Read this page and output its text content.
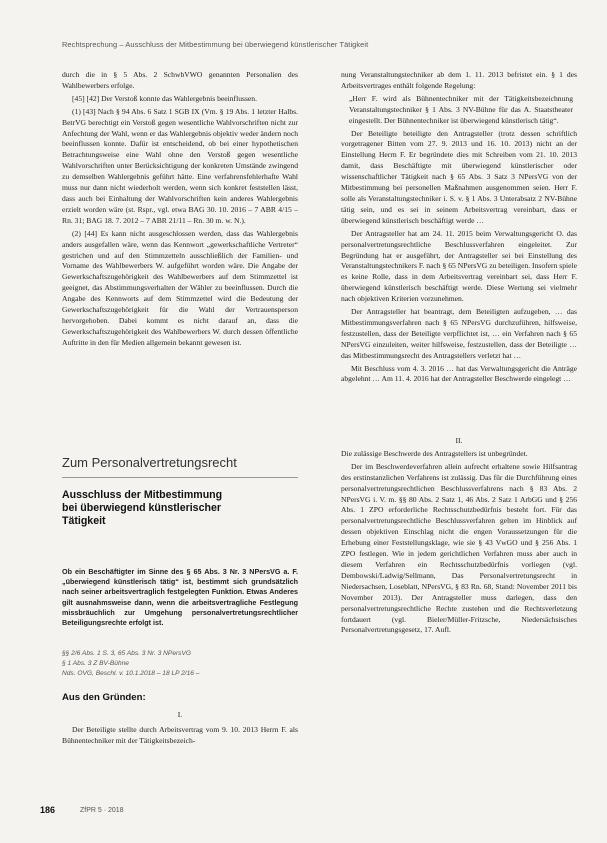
Rechtsprechung – Ausschluss der Mitbestimmung bei überwiegend künstlerischer Tätigkeit

durch die in § 5 Abs. 2 SchwbVWO genannten Personalien des Wahlbewerbers erfolge.

[45] [42] Der Verstoß konnte das Wahlergebnis beeinflussen.

(1) [43] Nach § 94 Abs. 6 Satz 1 SGB IX (Vm. § 19 Abs. 1 letzter Halbs. BetrVG berechtigt ein Verstoß gegen wesentliche Wahlvorschriften nicht zur Anfechtung der Wahl, wenn er das Wahlergebnis objektiv weder ändern noch beeinflussen konnte. Dafür ist entscheidend, ob bei einer hypothetischen Betrachtungsweise eine Wahl ohne den Verstoß gegen wesentliche Wahlvorschriften unter Berücksichtigung der konkreten Umstände zwingend zu demselben Wahlergebnis geführt hätte. Eine verfahrensfehlerhafte Wahl muss nur dann nicht wiederholt werden, wenn sich konkret feststellen lässt, dass auch bei Einhaltung der Wahlvorschriften kein anderes Wahlergebnis erzielt worden wäre (st. Rspr., vgl. etwa BAG 30. 10. 2016 – 7 ABR 4/15 – Rn. 31; BAG 18. 7. 2012 – 7 ABR 21/11 – Rn. 30 m. w. N.).

(2) [44] Es kann nicht ausgeschlossen werden, dass das Wahlergebnis anders ausgefallen wäre, wenn das Kennwort „gewerkschaftliche Vertreter“ gestrichen und auf den Stimmzetteln ausschließlich der Familien- und Vorname des Wahlbewerbers W. aufgeführt worden wäre. Die Angabe der Gewerkschaftszugehörigkeit des Wahlbewerbers auf dem Stimmzettel ist geeignet, das Abstimmungsverhalten der Wähler zu beeinflussen. Durch die Angabe des Kennworts auf dem Stimmzettel wird die Bedeutung der Gewerkschaftszugehörigkeit für die Wahl der Vertrauensperson hervorgehoben. Dabei kommt es nicht darauf an, dass die Gewerkschaftszugehörigkeit des Wahlbewerbers W. durch dessen öffentliche Auftritte in den für Medien allgemein bekannt gewesen ist.

Zum Personalvertretungsrecht
Ausschluss der Mitbestimmung
bei überwiegend künstlerischer
Tätigkeit
Ob ein Beschäftigter im Sinne des § 65 Abs. 3 Nr. 3 NPersVG a. F. „überwiegend künstlerisch tätig“ ist, bestimmt sich grundsätzlich nach seiner arbeitsvertraglich festgelegten Funktion. Etwas Anderes gilt ausnahmsweise dann, wenn die arbeitsvertragliche Festlegung missbräuchlich zur Umgehung personalvertretungsrechtlicher Beteiligungsrechte erfolgt ist.
§§ 2/6 Abs. 1 S. 3, 65 Abs. 3 Nr. 3 NPersVG
§ 1 Abs. 3 Z BV-Bühne
Nds. OVG, Beschl. v. 10.1.2018 – 18 LP 2/16 –
Aus den Gründen:
I.

Der Beteiligte stellte durch Arbeitsvertrag vom 9. 10. 2013 Herrn F. als Bühnentechniker mit der Tätigkeitsbezeich-

nung Veranstaltungstechniker ab dem 1. 11. 2013 befristet ein. § 1 des Arbeitsvertrages enthält folgende Regelung:

„Herr F. wird als Bühnentechniker mit der Tätigkeitsbezeichnung Veranstaltungstechniker § 1 Abs. 3 NV-Bühne für das A. Staatstheater eingestellt. Der Bühnentechniker ist überwiegend künstlerisch tätig“.

Der Beteiligte beteiligte den Antragsteller (trotz dessen schriftlich vorgetragener Bitten vom 27. 9. 2013 und 16. 10. 2013) nicht an der Einstellung Herrn F. Er begründete dies mit Schreiben vom 21. 10. 2013 damit, dass Beschäftigte mit überwiegend künstlerischer oder wissenschaftlicher Tätigkeit nach § 65 Abs. 3 Satz 3 NPersVG von der Mitbestimmung bei personellen Maßnahmen ausgenommen seien. Herr F. solle als Veranstaltungstechniker i. S. v. § 1 Abs. 3 Unterabsatz 2 NV-Bühne tätig sein, und es sei in seinem Arbeitsvertrag vereinbart, dass er überwiegend künstlerisch beschäftigt werde …

Der Antragsteller hat am 24. 11. 2015 beim Verwaltungsgericht O. das personalvertretungsrechtliche Beschlussverfahren eingeleitet. Zur Begründung hat er ausgeführt, der Antragsteller sei bei Einstellung des Veranstaltungstechnikers F. nach § 65 NPersVG zu beteiligen. Insofern spiele es keine Rolle, dass in dem Arbeitsvertrag vereinbart sei, dass Herr F. überwiegend künstlerisch beschäftigt werde. Diese Wertung sei vielmehr nach objektiven Kriterien vorzunehmen.

Der Antragsteller hat beantragt, dem Beteiligten aufzugeben, … das Mitbestimmungsverfahren nach § 65 NPersVG durchzuführen, hilfsweise, festzustellen, dass der Beteiligte verpflichtet ist, … ein Verfahren nach § 65 NPersVG einzuleiten, weiter hilfsweise, festzustellen, dass der Beteiligte … das Mitbestimmungsrecht des Antragstellers verletzt hat …

Mit Beschluss vom 4. 3. 2016 … hat das Verwaltungsgericht die Anträge abgelehnt … Am 11. 4. 2016 hat der Antragsteller Beschwerde eingelegt …

II.

Die zulässige Beschwerde des Antragstellers ist unbegründet.

Der im Beschwerdeverfahren allein aufrecht erhaltene sowie Hilfsantrag des erstinstanzlichen Verfahrens ist zulässig. Das für die Durchführung eines personalvertretungsrechtlichen Beschlussverfahrens nach § 83 Abs. 2 NPersVG i. V. m. §§ 80 Abs. 2 Satz 1, 46 Abs. 2 Satz 1 ArbGG und § 256 Abs. 1 ZPO erforderliche Rechtsschutzbedürfnis besteht fort. Für das personalvertretungsrechtliche Beschlussverfahren gelten im Hinblick auf dessen objektiven Einschlag nicht die engen Voraussetzungen für die Erhebung einer Feststellungsklage, wie sie § 43 VwGO und § 256 Abs. 1 ZPO festlegen. Wie in jedem gerichtlichen Verfahren muss aber auch in diesem Verfahren ein Rechtsschutzbedürfnis vorliegen (vgl. Dembowski/Ladwig/Sellmann, Das Personalvertretungsrecht in Niedersachsen, Loseblatt, NPersVG, § 83 Rn. 68, Stand: November 2011 bis November 2013). Der Antragsteller muss darlegen, dass den personalvertretungsrechtliche Rechte zustehen und die Rechtsverletzung fortdauert (vgl. Bieler/Müller-Fritzsche, Niedersächsisches Personalvertretungsgesetz, 17. Aufl.

186	ZfPR 5 · 2018
